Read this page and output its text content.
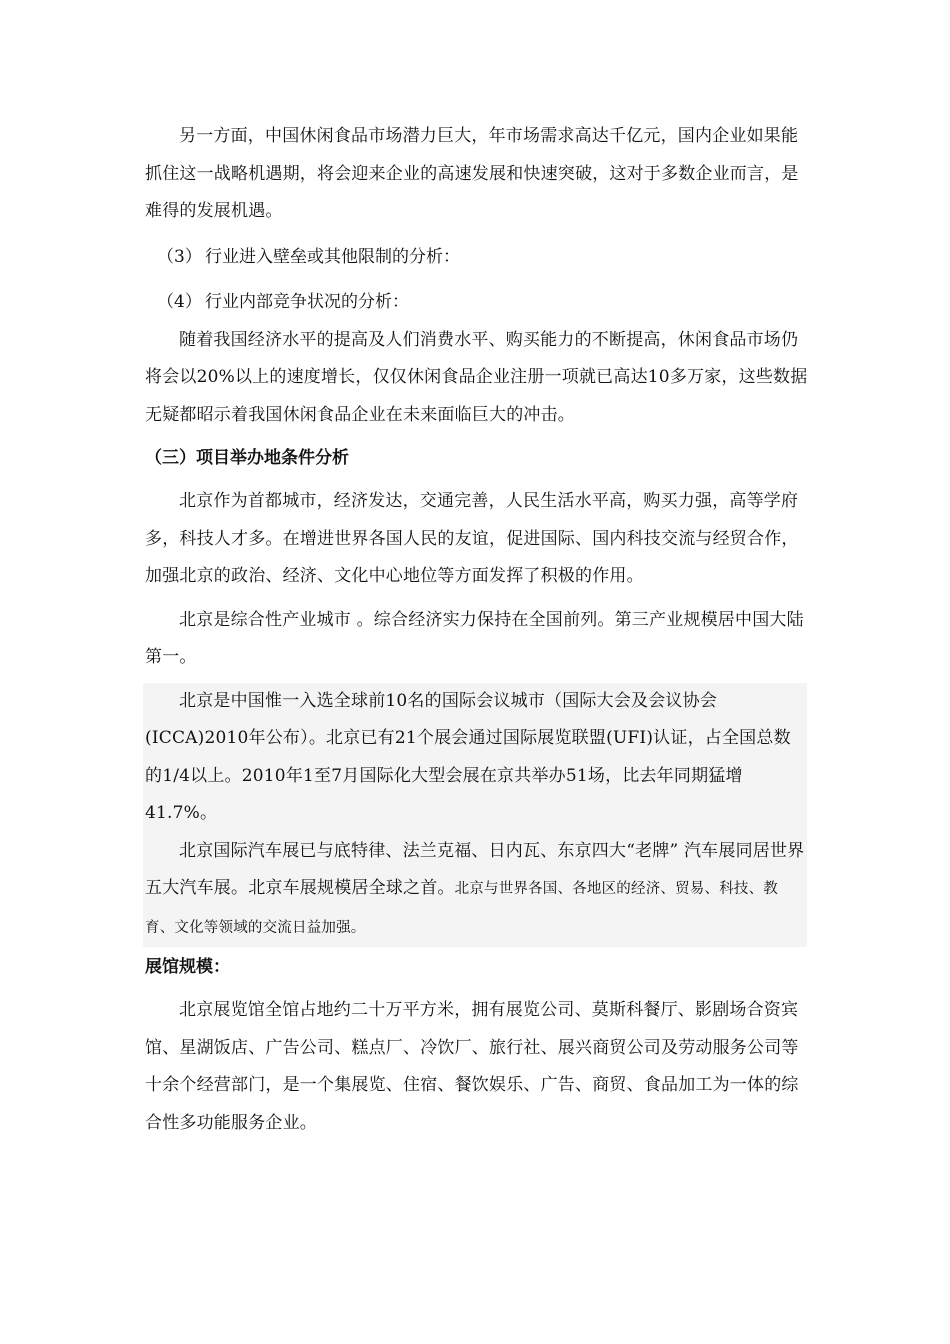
另一方面，中国休闲食品市场潜力巨大，年市场需求高达千亿元，国内企业如果能抓住这一战略机遇期，将会迎来企业的高速发展和快速突破，这对于多数企业而言，是难得的发展机遇。

（3） 行业进入壁垒或其他限制的分析：

（4） 行业内部竞争状况的分析：

随着我国经济水平的提高及人们消费水平、购买能力的不断提高，休闲食品市场仍将会以20%以上的速度增长，仅仅休闲食品企业注册一项就已高达10多万家，这些数据无疑都昭示着我国休闲食品企业在未来面临巨大的冲击。

（三）项目举办地条件分析

北京作为首都城市，经济发达，交通完善，人民生活水平高，购买力强，高等学府多，科技人才多。在增进世界各国人民的友谊，促进国际、国内科技交流与经贸合作，加强北京的政治、经济、文化中心地位等方面发挥了积极的作用。

北京是综合性产业城市 。综合经济实力保持在全国前列。第三产业规模居中国大陆第一。

北京是中国惟一入选全球前10名的国际会议城市（国际大会及会议协会(ICCA)2010年公布）。北京已有21个展会通过国际展览联盟(UFI)认证，占全国总数的1/4以上。2010年1至7月国际化大型会展在京共举办51场，比去年同期猛增41.7%。

北京国际汽车展已与底特律、法兰克福、日内瓦、东京四大“老牌” 汽车展同居世界五大汽车展。北京车展规模居全球之首。北京与世界各国、各地区的经济、贸易、科技、教育、文化等领域的交流日益加强。

展馆规模：

北京展览馆全馆占地约二十万平方米，拥有展览公司、莫斯科餐厅、影剧场合资宾馆、星湖饭店、广告公司、糕点厂、冷饮厂、旅行社、展兴商贸公司及劳动服务公司等十余个经营部门，是一个集展览、住宿、餐饮娱乐、广告、商贸、食品加工为一体的综合性多功能服务企业。
